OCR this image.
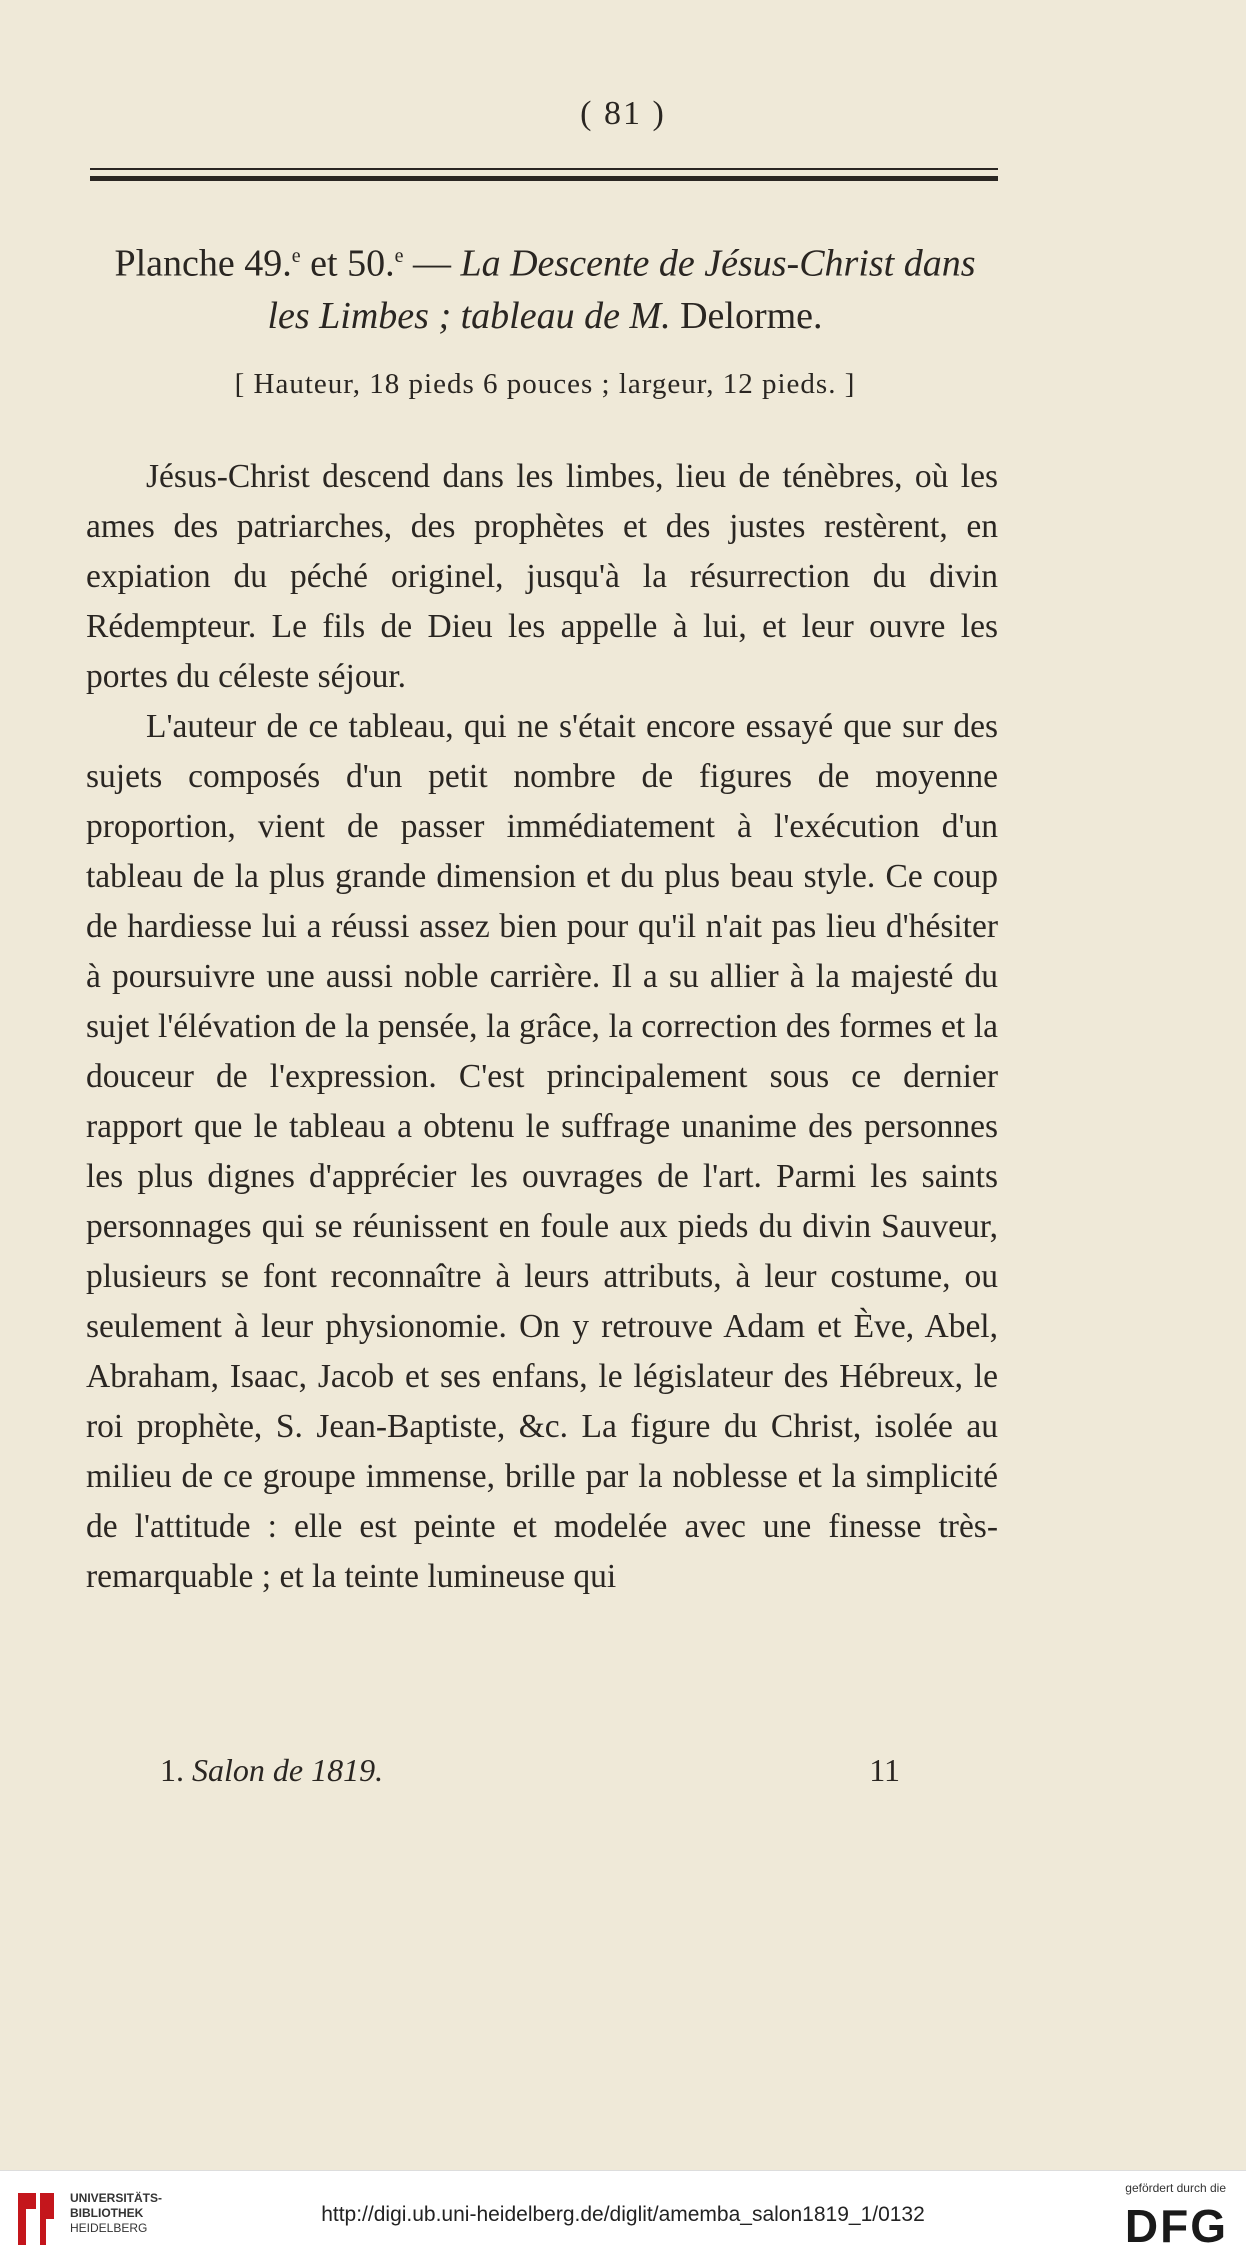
( 81 )
Planche 49.$^e$ et 50.$^e$ — La Descente de Jésus-Christ dans
les Limbes ; tableau de M. Delorme.
[ Hauteur, 18 pieds 6 pouces ; largeur, 12 pieds. ]

Jésus-Christ descend dans les limbes, lieu de ténèbres, où les ames des patriarches, des prophètes et des justes restèrent, en expiation du péché originel, jusqu'à la résurrection du divin Rédempteur. Le fils de Dieu les appelle à lui, et leur ouvre les portes du céleste séjour.

L'auteur de ce tableau, qui ne s'était encore essayé que sur des sujets composés d'un petit nombre de figures de moyenne proportion, vient de passer immédiatement à l'exécution d'un tableau de la plus grande dimension et du plus beau style. Ce coup de hardiesse lui a réussi assez bien pour qu'il n'ait pas lieu d'hésiter à poursuivre une aussi noble carrière. Il a su allier à la majesté du sujet l'élévation de la pensée, la grâce, la correction des formes et la douceur de l'expression. C'est principalement sous ce dernier rapport que le tableau a obtenu le suffrage unanime des personnes les plus dignes d'apprécier les ouvrages de l'art. Parmi les saints personnages qui se réunissent en foule aux pieds du divin Sauveur, plusieurs se font reconnaître à leurs attributs, à leur costume, ou seulement à leur physionomie. On y retrouve Adam et Ève, Abel, Abraham, Isaac, Jacob et ses enfans, le législateur des Hébreux, le roi prophète, S. Jean-Baptiste, &c. La figure du Christ, isolée au milieu de ce groupe immense, brille par la noblesse et la simplicité de l'attitude : elle est peinte et modelée avec une finesse très-remarquable ; et la teinte lumineuse qui

1. Salon de 1819.	11
UNIVERSITÄTS-
BIBLIOTHEK
HEIDELBERG
http://digi.ub.uni-heidelberg.de/diglit/amemba_salon1819_1/0132
gefördert durch die
DFG
